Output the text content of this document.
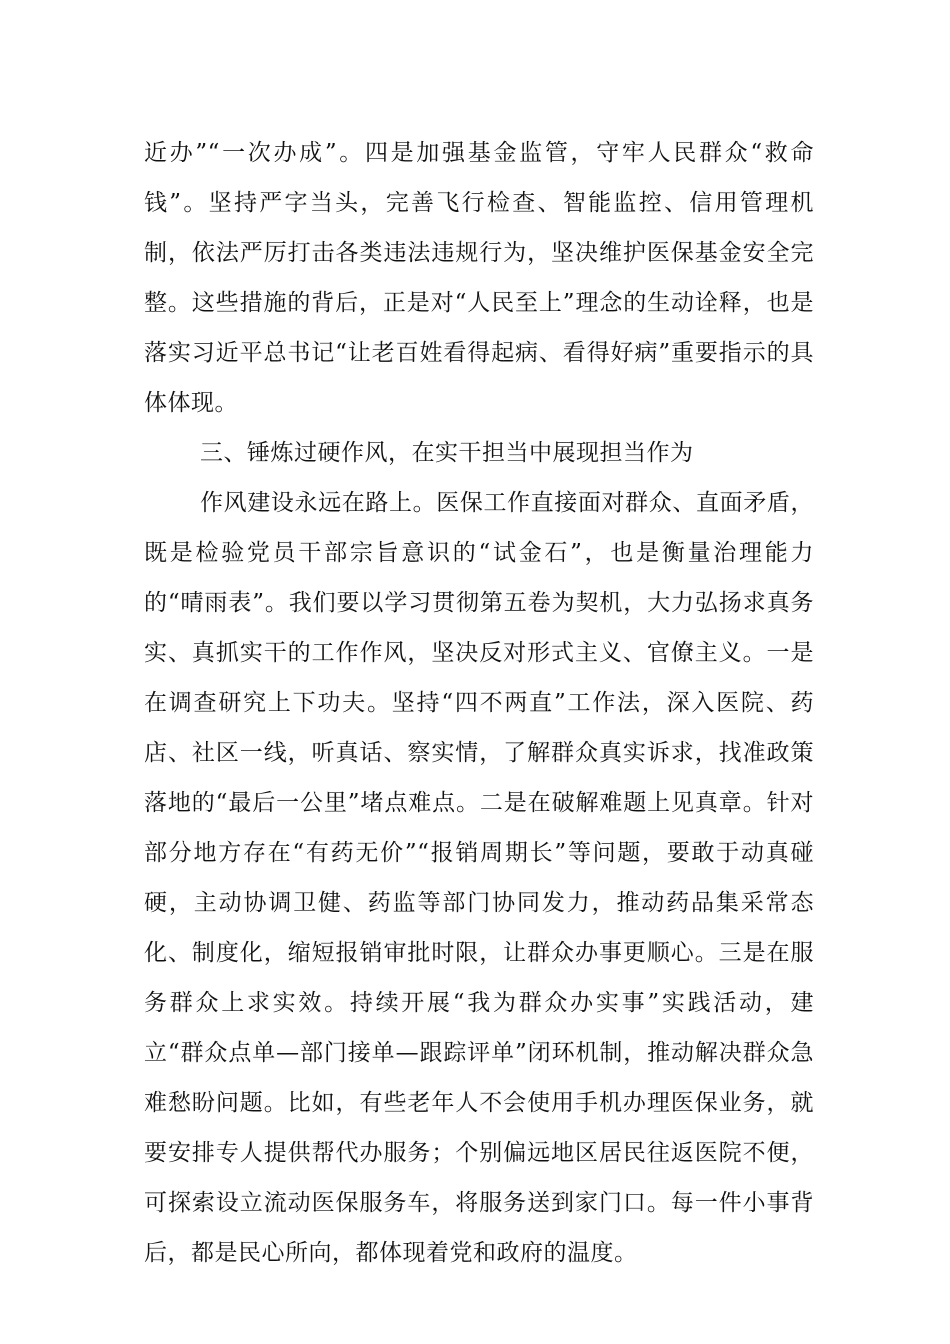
近办”“一次办成”。四是加强基金监管，守牢人民群众“救命钱”。坚持严字当头，完善飞行检查、智能监控、信用管理机制，依法严厉打击各类违法违规行为，坚决维护医保基金安全完整。这些措施的背后，正是对“人民至上”理念的生动诠释，也是落实习近平总书记“让老百姓看得起病、看得好病”重要指示的具体体现。

三、锤炼过硬作风，在实干担当中展现担当作为

作风建设永远在路上。医保工作直接面对群众、直面矛盾，既是检验党员干部宗旨意识的“试金石”，也是衡量治理能力的“晴雨表”。我们要以学习贯彻第五卷为契机，大力弘扬求真务实、真抓实干的工作作风，坚决反对形式主义、官僚主义。一是在调查研究上下功夫。坚持“四不两直”工作法，深入医院、药店、社区一线，听真话、察实情，了解群众真实诉求，找准政策落地的“最后一公里”堵点难点。二是在破解难题上见真章。针对部分地方存在“有药无价”“报销周期长”等问题，要敢于动真碰硬，主动协调卫健、药监等部门协同发力，推动药品集采常态化、制度化，缩短报销审批时限，让群众办事更顺心。三是在服务群众上求实效。持续开展“我为群众办实事”实践活动，建立“群众点单—部门接单—跟踪评单”闭环机制，推动解决群众急难愁盼问题。比如，有些老年人不会使用手机办理医保业务，就要安排专人提供帮代办服务；个别偏远地区居民往返医院不便，可探索设立流动医保服务车，将服务送到家门口。每一件小事背后，都是民心所向，都体现着党和政府的温度。
